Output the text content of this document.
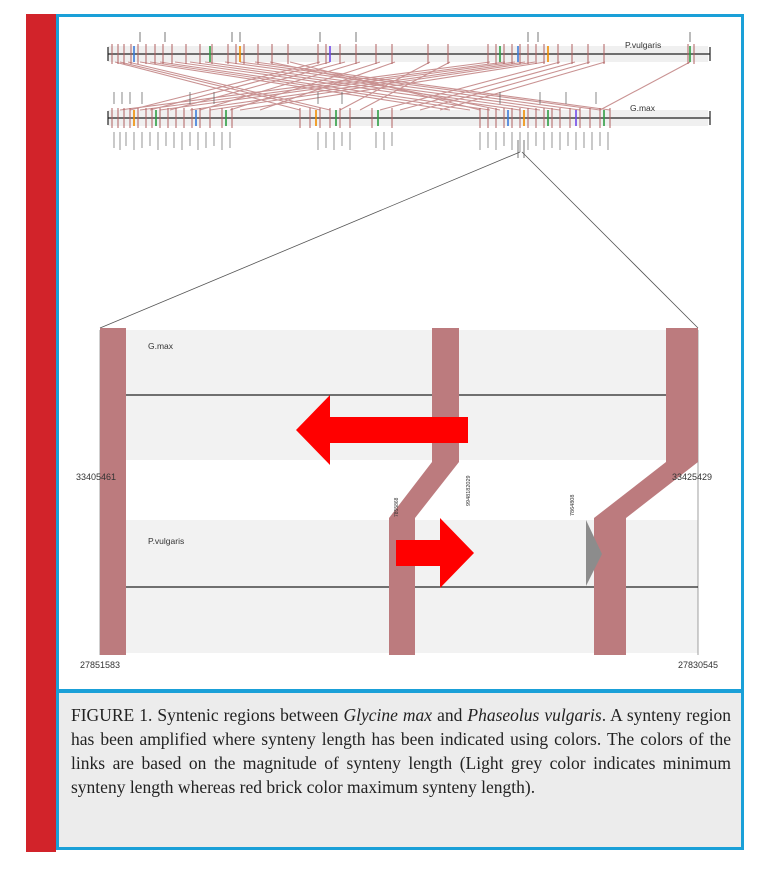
P.vulgaris
G.max
G.max
P.vulgaris
7855868
9948182029	7864808
33405461	33425429
27851583	27830545

FIGURE 1. Syntenic regions between Glycine max and Phaseolus vulgaris. A synteny region has been amplified where synteny length has been indicated using colors. The colors of the links are based on the magnitude of synteny length (Light grey color indicates minimum synteny length whereas red brick color maximum synteny length).
